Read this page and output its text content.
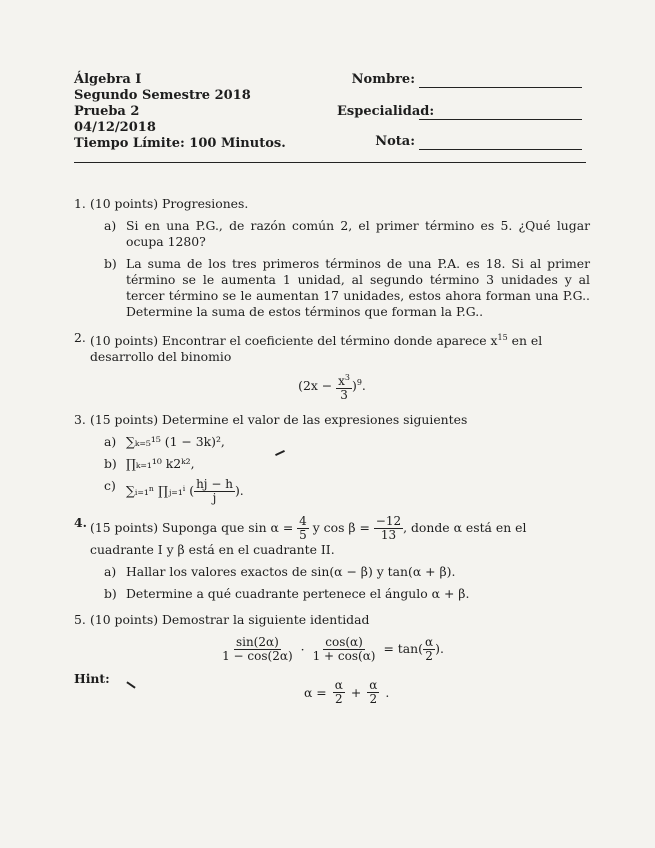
Álgebra I
Segundo Semestre 2018
Prueba 2
04/12/2018
Tiempo Límite: 100 Minutos.
Nombre:
Especialidad:
Nota:
1. (10 points) Progresiones.
a) Si en una P.G., de razón común 2, el primer término es 5. ¿Qué lugar ocupa 1280?
b) La suma de los tres primeros términos de una P.A. es 18. Si al primer término se le aumenta 1 unidad, al segundo término 3 unidades y al tercer término se le aumentan 17 unidades, estos ahora forman una P.G.. Determine la suma de estos términos que forman la P.G..
2. (10 points) Encontrar el coeficiente del término donde aparece $x^{15}$ en el desarrollo del binomio
$(2x - \frac{x^3}{3} )^9$.
3. (15 points) Determine el valor de las expresiones siguientes
a) ∑ₖ₌₅¹⁵ (1 − 3k)²,
b) ∏ₖ₌₁¹⁰ k2ᵏ²,
c) ∑ᵢ₌₁ⁿ ∏ⱼ₌₁ⁱ ( $\frac{hj - h}{j}$ ).
4. (15 points) Suponga que $\sin \alpha = \frac{4}{5}$ y $\cos \beta = \frac{-12}{13}$ , donde α está en el cuadrante I y β está en el cuadrante II.
a) Hallar los valores exactos de sin(α − β) y tan(α + β).
b) Determine a qué cuadrante pertenece el ángulo α + β.
5. (10 points) Demostrar la siguiente identidad
$\frac{\sin(2\alpha)}{1 - \cos(2\alpha)} \cdot \frac{\cos(\alpha)}{1 + \cos(\alpha)} = \tan( \frac{\alpha}{2}$ ).
Hint:
$\alpha = \frac{\alpha}{2} + \frac{\alpha}{2}$ .
